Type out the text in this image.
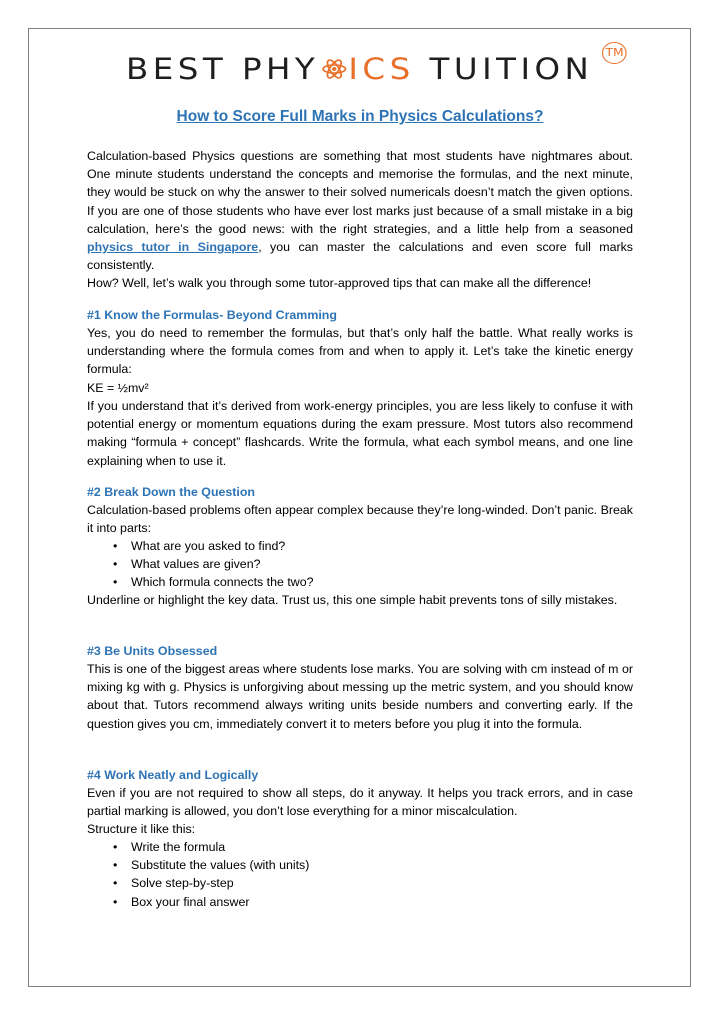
BEST PHY ICS TUITION TM
How to Score Full Marks in Physics Calculations?

Calculation-based Physics questions are something that most students have nightmares about. One minute students understand the concepts and memorise the formulas, and the next minute, they would be stuck on why the answer to their solved numericals doesn’t match the given options. If you are one of those students who have ever lost marks just because of a small mistake in a big calculation, here’s the good news: with the right strategies, and a little help from a seasoned physics tutor in Singapore, you can master the calculations and even score full marks consistently.

How? Well, let’s walk you through some tutor-approved tips that can make all the difference!

#1 Know the Formulas- Beyond Cramming

Yes, you do need to remember the formulas, but that’s only half the battle. What really works is understanding where the formula comes from and when to apply it. Let’s take the kinetic energy formula:

KE = ½mv²

If you understand that it’s derived from work-energy principles, you are less likely to confuse it with potential energy or momentum equations during the exam pressure. Most tutors also recommend making “formula + concept” flashcards. Write the formula, what each symbol means, and one line explaining when to use it.

#2 Break Down the Question

Calculation-based problems often appear complex because they’re long-winded. Don’t panic. Break it into parts:

• What are you asked to find?
• What values are given?
• Which formula connects the two?

Underline or highlight the key data. Trust us, this one simple habit prevents tons of silly mistakes.

#3 Be Units Obsessed

This is one of the biggest areas where students lose marks. You are solving with cm instead of m or mixing kg with g. Physics is unforgiving about messing up the metric system, and you should know about that. Tutors recommend always writing units beside numbers and converting early. If the question gives you cm, immediately convert it to meters before you plug it into the formula.

#4 Work Neatly and Logically

Even if you are not required to show all steps, do it anyway. It helps you track errors, and in case partial marking is allowed, you don’t lose everything for a minor miscalculation.

Structure it like this:

• Write the formula
• Substitute the values (with units)
• Solve step-by-step
• Box your final answer
